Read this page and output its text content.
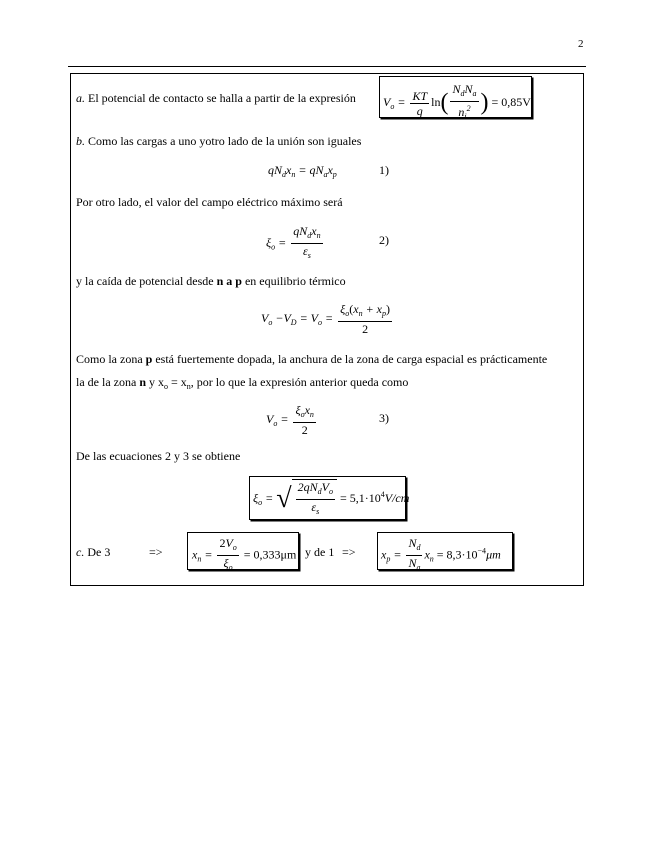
2
a. El potencial de contacto se halla a partir de la expresión $V_o = \frac{KT}{q} \ln( \frac{N_dN_a}{n_i^2}$ ) = 0,85V
b. Como las cargas a uno yotro lado de la unión son iguales
$qN_dx_n = qN_ax_p$	1)
Por otro lado, el valor del campo eléctrico máximo será
$\xi_o = \frac{qN_dx_n}{\varepsilon_s}$	2)
y la caída de potencial desde n a p en equilibrio térmico
$V_o -V_D = V_o = \frac{\xi_o(x_n + x_p)}{2}$
Como la zona p está fuertemente dopada, la anchura de la zona de carga espacial es prácticamente
la de la zona n y $x_o = x_n$, por lo que la expresión anterior queda como
$V_o = \frac{\xi_ox_n}{2}$	3)
De las ecuaciones 2 y 3 se obtiene
$\xi_o$ = √ $\frac{2qN_dV_o}{\varepsilon_s} = 5,1\cdot 10^4V/cm$
c. De 3	=> $x_n = \frac{2V_o}{\xi_o} = 0,333\mu m$ y de $1 => x_p = \frac{N_d}{N_a} x_n = 8,3\cdot 10^{-4}\mu m$
